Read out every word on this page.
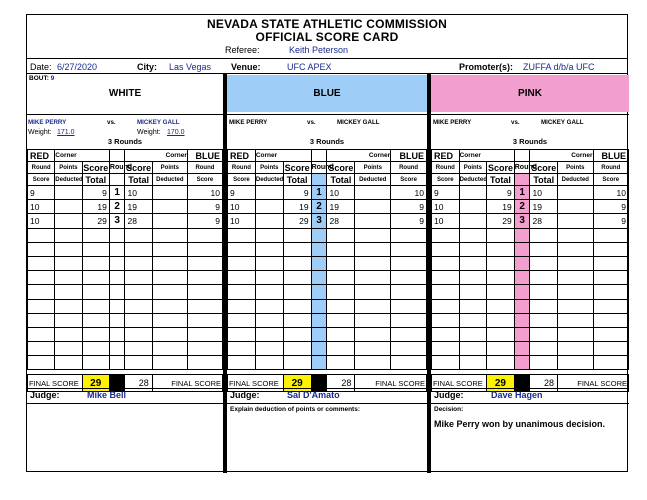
NEVADA STATE ATHLETIC COMMISSION
OFFICIAL SCORE CARD
Referee:	Keith Peterson
Date: 6/27/2020	City: Las Vegas Venue:	UFC APEX	Promoter(s): ZUFFA d/b/a UFC
BOUT: 9
WHITE
MIKE PERRY	vs.	MICKEY GALL
Weight: 171.0	Weight: 170.0
3 Rounds
RED	Corner			Corner		BLUE
Round	Points	Score	Round	Score	Points	Round
Score	Deducted	Total		Total	Deducted	Score
9		9	1	10		10
10		19	2	19		9
10		29	3	28		9

FINAL SCORE	29		28	FINAL SCORE
Judge:	Mike Bell
BLUE
MIKE PERRY	vs.	MICKEY GALL
3 Rounds
RED	Corner			Corner		BLUE
Round	Points	Score	Round	Score	Points	Round
Score	Deducted	Total		Total	Deducted	Score
9		9	1	10		10
10		19	2	19		9
10		29	3	28		9

FINAL SCORE	29		28	FINAL SCORE
Judge:	Sal D'Amato
Explain deduction of points or comments:
PINK
MIKE PERRY	vs.	MICKEY GALL
3 Rounds
RED	Corner			Corner		BLUE
Round	Points	Score	Round	Score	Points	Round
Score	Deducted	Total		Total	Deducted	Score
9		9	1	10		10
10		19	2	19		9
10		29	3	28		9

FINAL SCORE	29		28	FINAL SCORE
Judge:	Dave Hagen
Decision:
Mike Perry won by unanimous decision.
